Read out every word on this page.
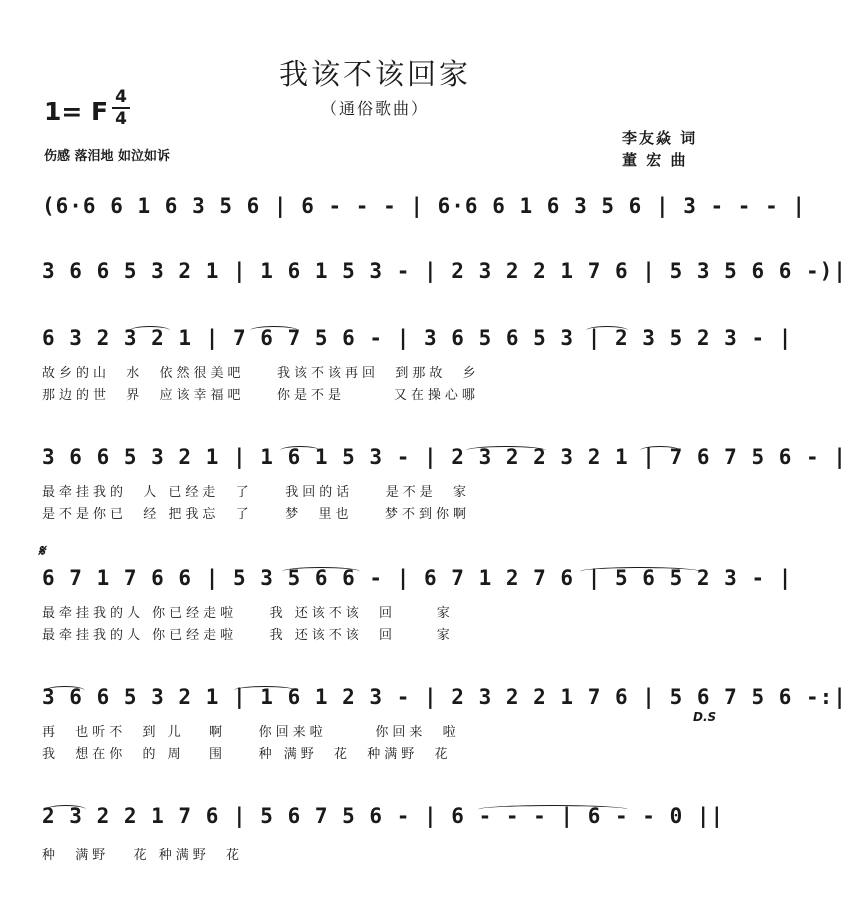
我该不该回家
（通俗歌曲）
1= F 4
4
伤感 落泪地 如泣如诉
李友焱 词
董 宏 曲
(6·6 6 1 6 3 5 6 | 6 - - - | 6·6 6 1 6 3 5 6 | 3 - - - |
3 6 6 5 3 2 1 | 1 6 1 5 3 - | 2 3 2 2 1 7 6 | 5 3 5 6 6 -)|
6 3 2 3 2 1 | 7 6 7 5 6 - | 3 6 5 6 5 3 | 2 3 5 2 3 - |
故乡的山  水  依然很美吧    我该不该再回  到那故  乡
那边的世  界  应该幸福吧    你是不是      又在操心哪
3 6 6 5 3 2 1 | 1 6 1 5 3 - | 2 3 2 2 3 2 1 | 7 6 7 5 6 - |
最牵挂我的  人 已经走  了    我回的话    是不是  家
是不是你已  经 把我忘  了    梦  里也    梦不到你啊
6 7 1 7 6 6 | 5 3 5 6 6 - | 6 7 1 2 7 6 | 5 6 5 2 3 - |
最牵挂我的人 你已经走啦    我 还该不该  回     家
最牵挂我的人 你已经走啦    我 还该不该  回     家
3 6 6 5 3 2 1 | 1 6 1 2 3 - | 2 3 2 2 1 7 6 | 5 6 7 5 6 -:|
再  也听不  到 儿   啊    你回来啦      你回来  啦
我  想在你  的 周   围    种 满野  花  种满野  花
2 3 2 2 1 7 6 | 5 6 7 5 6 - | 6 - - - | 6 - - 0 ||
种  满野   花 种满野  花
𝄋
D.S
